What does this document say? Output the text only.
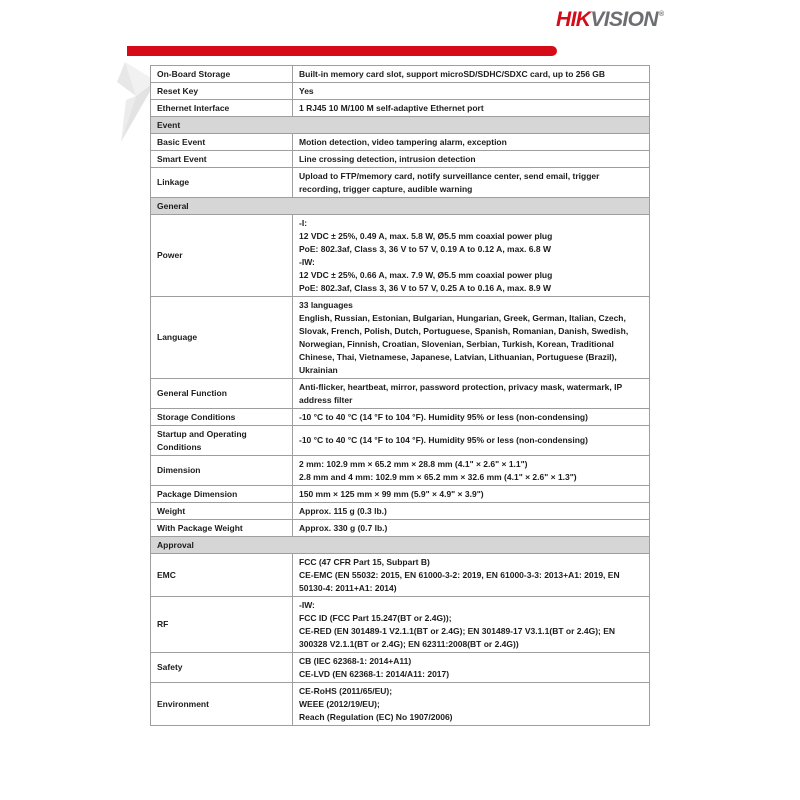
HIKVISION®
On-Board Storage	Built-in memory card slot, support microSD/SDHC/SDXC card, up to 256 GB

Reset Key	Yes

Ethernet Interface	1 RJ45 10 M/100 M self-adaptive Ethernet port

Event	
Basic Event	Motion detection, video tampering alarm, exception

Smart Event	Line crossing detection, intrusion detection

Linkage	Upload to FTP/memory card, notify surveillance center, send email, trigger recording, trigger capture, audible warning

General	
Power	
-I:
12 VDC ± 25%, 0.49 A, max. 5.8 W, Ø5.5 mm coaxial power plug
PoE: 802.3af, Class 3, 36 V to 57 V, 0.19 A to 0.12 A, max. 6.8 W
-IW:
12 VDC ± 25%, 0.66 A, max. 7.9 W, Ø5.5 mm coaxial power plug
PoE: 802.3af, Class 3, 36 V to 57 V, 0.25 A to 0.16 A, max. 8.9 W

Language	33 languages
English, Russian, Estonian, Bulgarian, Hungarian, Greek, German, Italian, Czech, Slovak, French, Polish, Dutch, Portuguese, Spanish, Romanian, Danish, Swedish, Norwegian, Finnish, Croatian, Slovenian, Serbian, Turkish, Korean, Traditional Chinese, Thai, Vietnamese, Japanese, Latvian, Lithuanian, Portuguese (Brazil), Ukrainian

General Function	Anti-flicker, heartbeat, mirror, password protection, privacy mask, watermark, IP address filter

Storage Conditions	-10 °C to 40 °C (14 °F to 104 °F). Humidity 95% or less (non-condensing)

Startup and Operating Conditions	-10 °C to 40 °C (14 °F to 104 °F). Humidity 95% or less (non-condensing)

Dimension	2 mm: 102.9 mm × 65.2 mm × 28.8 mm (4.1" × 2.6" × 1.1")
2.8 mm and 4 mm: 102.9 mm × 65.2 mm × 32.6 mm (4.1" × 2.6" × 1.3")

Package Dimension	150 mm × 125 mm × 99 mm (5.9" × 4.9" × 3.9")

Weight	Approx. 115 g (0.3 lb.)

With Package Weight	Approx. 330 g (0.7 lb.)

Approval	
EMC	FCC (47 CFR Part 15, Subpart B)
CE-EMC (EN 55032: 2015, EN 61000-3-2: 2019, EN 61000-3-3: 2013+A1: 2019, EN 50130-4: 2011+A1: 2014)

RF	-IW:
FCC ID (FCC Part 15.247(BT or 2.4G));
CE-RED (EN 301489-1 V2.1.1(BT or 2.4G); EN 301489-17 V3.1.1(BT or 2.4G); EN 300328 V2.1.1(BT or 2.4G); EN 62311:2008(BT or 2.4G))

Safety	CB (IEC 62368-1: 2014+A11)
CE-LVD (EN 62368-1: 2014/A11: 2017)

Environment	CE-RoHS (2011/65/EU);
WEEE (2012/19/EU);
Reach (Regulation (EC) No 1907/2006)
